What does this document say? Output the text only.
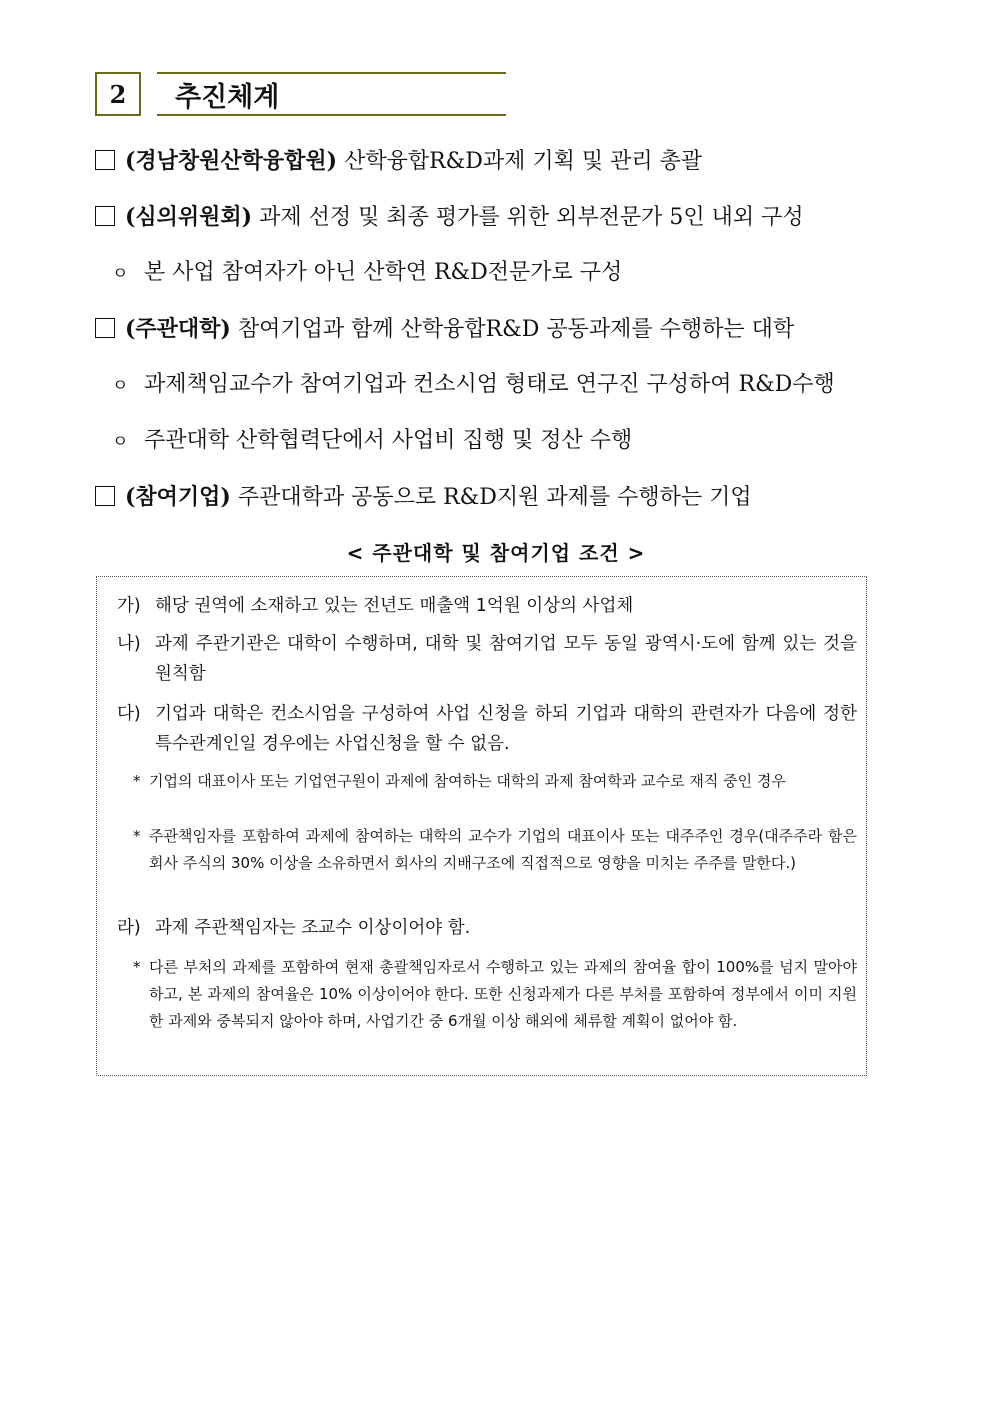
2	추진체계
(경남창원산학융합원) 산학융합R&D과제 기획 및 관리 총괄
(심의위원회) 과제 선정 및 최종 평가를 위한 외부전문가 5인 내외 구성
ㅇ 본 사업 참여자가 아닌 산학연 R&D전문가로 구성
(주관대학) 참여기업과 함께 산학융합R&D 공동과제를 수행하는 대학
ㅇ 과제책임교수가 참여기업과 컨소시엄 형태로 연구진 구성하여 R&D수행
ㅇ 주관대학 산학협력단에서 사업비 집행 및 정산 수행
(참여기업) 주관대학과 공동으로 R&D지원 과제를 수행하는 기업
< 주관대학 및 참여기업 조건 >
가) 해당 권역에 소재하고 있는 전년도 매출액 1억원 이상의 사업체
나) 과제 주관기관은 대학이 수행하며, 대학 및 참여기업 모두 동일 광역시·도에 함께 있는 것을 원칙함
다) 기업과 대학은 컨소시엄을 구성하여 사업 신청을 하되 기업과 대학의 관련자가 다음에 정한 특수관계인일 경우에는 사업신청을 할 수 없음.
* 기업의 대표이사 또는 기업연구원이 과제에 참여하는 대학의 과제 참여학과 교수로 재직 중인 경우
* 주관책임자를 포함하여 과제에 참여하는 대학의 교수가 기업의 대표이사 또는 대주주인 경우(대주주라 함은 회사 주식의 30% 이상을 소유하면서 회사의 지배구조에 직접적으로 영향을 미치는 주주를 말한다.)
라) 과제 주관책임자는 조교수 이상이어야 함.
* 다른 부처의 과제를 포함하여 현재 총괄책임자로서 수행하고 있는 과제의 참여율 합이 100%를 넘지 말아야 하고, 본 과제의 참여율은 10% 이상이어야 한다. 또한 신청과제가 다른 부처를 포함하여 정부에서 이미 지원한 과제와 중복되지 않아야 하며, 사업기간 중 6개월 이상 해외에 체류할 계획이 없어야 함.
